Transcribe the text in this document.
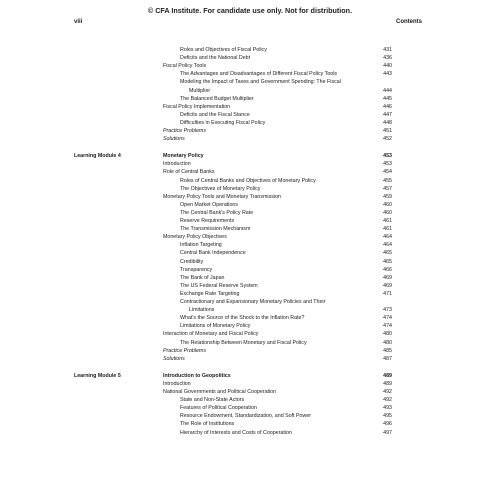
© CFA Institute. For candidate use only. Not for distribution.
viii	Contents
Roles and Objectives of Fiscal Policy	431
Deficits and the National Debt	436
Fiscal Policy Tools	440
The Advantages and Disadvantages of Different Fiscal Policy Tools	443
Modeling the Impact of Taxes and Government Spending: The Fiscal
Multiplier	444
The Balanced Budget Multiplier	445
Fiscal Policy Implementation	446
Deficits and the Fiscal Stance	447
Difficulties in Executing Fiscal Policy	448
Practice Problems	451
Solutions	452
Learning Module 4	Monetary Policy	453
Introduction	453
Role of Central Banks	454
Roles of Central Banks and Objectives of Monetary Policy	455
The Objectives of Monetary Policy	457
Monetary Policy Tools and Monetary Transmission	459
Open Market Operations	460
The Central Bank's Policy Rate	460
Reserve Requirements	461
The Transmission Mechanism	461
Monetary Policy Objectives	464
Inflation Targeting	464
Central Bank Independence	465
Credibility	465
Transparency	466
The Bank of Japan	469
The US Federal Reserve System	469
Exchange Rate Targeting	471
Contractionary and Expansionary Monetary Policies and Their
Limitations	473
What's the Source of the Shock to the Inflation Rate?	474
Limitations of Monetary Policy	474
Interaction of Monetary and Fiscal Policy	480
The Relationship Between Monetary and Fiscal Policy	480
Practice Problems	485
Solutions	487
Learning Module 5	Introduction to Geopolitics	489
Introduction	489
National Governments and Political Cooperation	492
State and Non-State Actors	492
Features of Political Cooperation	493
Resource Endowment, Standardization, and Soft Power	495
The Role of Institutions	496
Hierarchy of Interests and Costs of Cooperation	497
